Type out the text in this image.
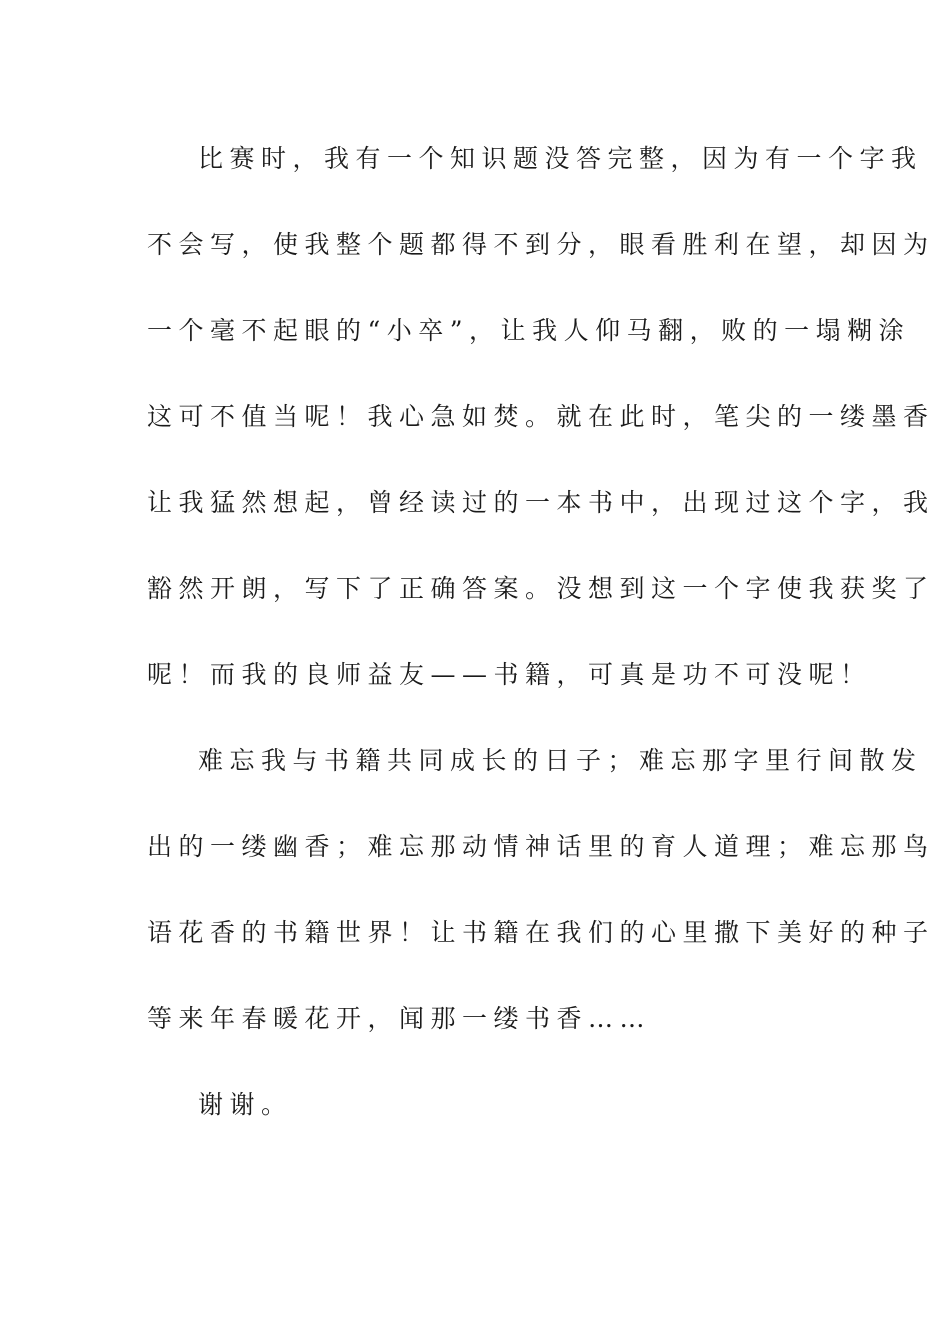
比赛时，我有一个知识题没答完整，因为有一个字我
不会写，使我整个题都得不到分，眼看胜利在望，却因为
一个毫不起眼的“小卒”，让我人仰马翻，败的一塌糊涂
这可不值当呢！我心急如焚。就在此时，笔尖的一缕墨香
让我猛然想起，曾经读过的一本书中，出现过这个字，我
豁然开朗，写下了正确答案。没想到这一个字使我获奖了
呢！而我的良师益友——书籍，可真是功不可没呢！
难忘我与书籍共同成长的日子；难忘那字里行间散发
出的一缕幽香；难忘那动情神话里的育人道理；难忘那鸟
语花香的书籍世界！让书籍在我们的心里撒下美好的种子
等来年春暖花开，闻那一缕书香……
谢谢。
